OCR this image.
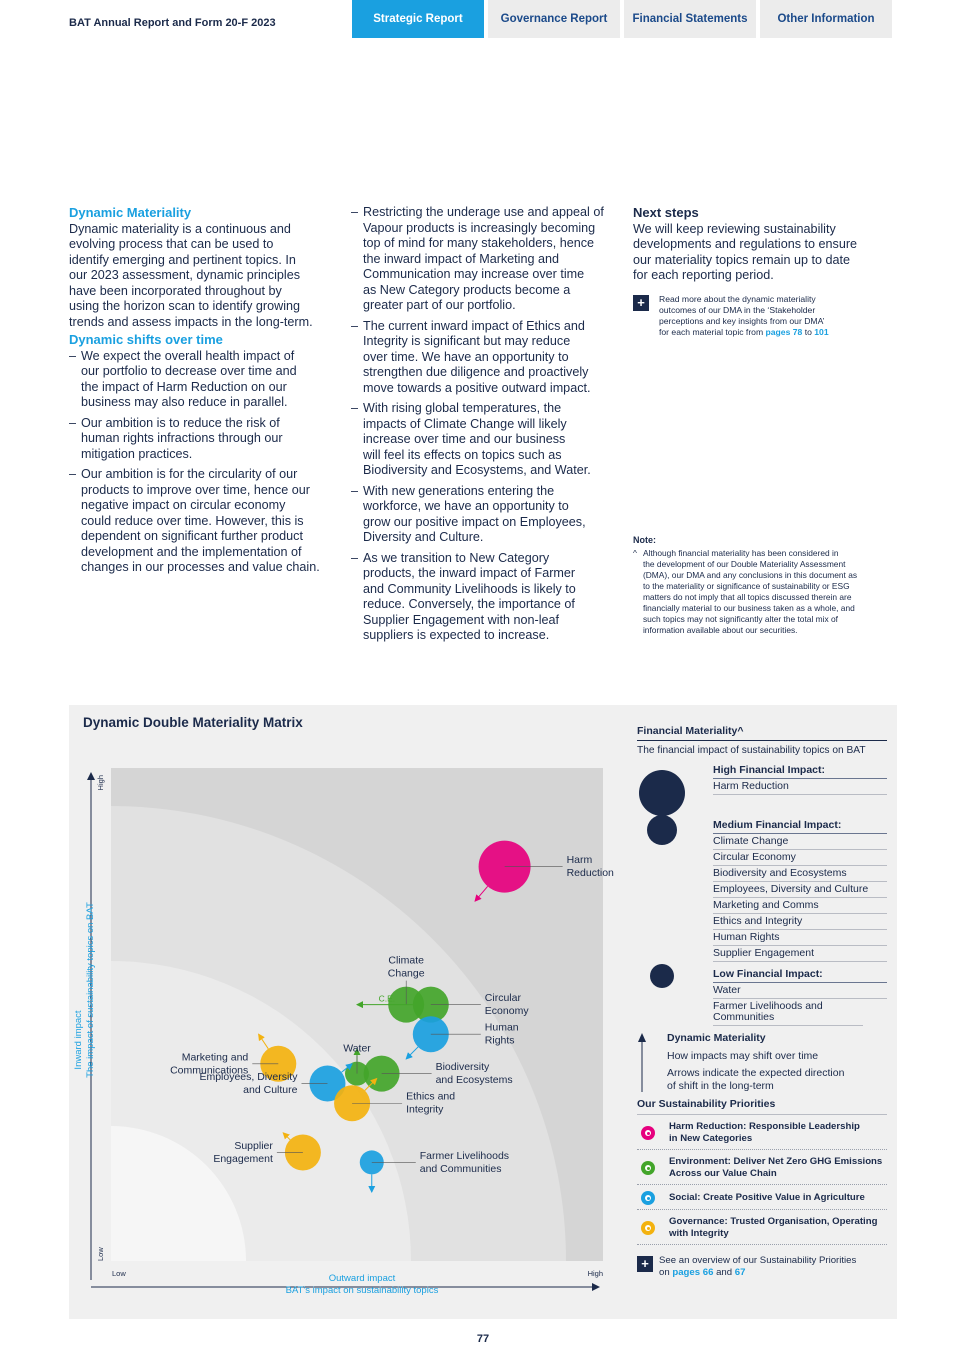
BAT Annual Report and Form 20-F 2023	Strategic Report	Governance Report	Financial Statements	Other Information
Dynamic Materiality

Dynamic materiality is a continuous and
evolving process that can be used to
identify emerging and pertinent topics. In
our 2023 assessment, dynamic principles
have been incorporated throughout by
using the horizon scan to identify growing
trends and assess impacts in the long-term.

Dynamic shifts over time
– We expect the overall health impact of
our portfolio to decrease over time and
the impact of Harm Reduction on our
business may also reduce in parallel.
– Our ambition is to reduce the risk of
human rights infractions through our
mitigation practices.
– Our ambition is for the circularity of our
products to improve over time, hence our
negative impact on circular economy
could reduce over time. However, this is
dependent on significant further product
development and the implementation of
changes in our processes and value chain.
– Restricting the underage use and appeal of
Vapour products is increasingly becoming
top of mind for many stakeholders, hence
the inward impact of Marketing and
Communication may increase over time
as New Category products become a
greater part of our portfolio.
– The current inward impact of Ethics and
Integrity is significant but may reduce
over time. We have an opportunity to
strengthen due diligence and proactively
move towards a positive outward impact.
– With rising global temperatures, the
impacts of Climate Change will likely
increase over time and our business
will feel its effects on topics such as
Biodiversity and Ecosystems, and Water.
– With new generations entering the
workforce, we have an opportunity to
grow our positive impact on Employees,
Diversity and Culture.
– As we transition to New Category
products, the inward impact of Farmer
and Community Livelihoods is likely to
reduce. Conversely, the importance of
Supplier Engagement with non-leaf
suppliers is expected to increase.
Next steps

We will keep reviewing sustainability
developments and regulations to ensure
our materiality topics remain up to date
for each reporting period.

+	Read more about the dynamic materiality
outcomes of our DMA in the ‘Stakeholder
perceptions and key insights from our DMA’
for each material topic from pages 78 to 101
Note:
^ Although financial materiality has been considered in
the development of our Double Materiality Assessment
(DMA), our DMA and any conclusions in this document as
to the materiality or significance of sustainability or ESG
matters do not imply that all topics discussed therein are
financially material to our business taken as a whole, and
such topics may not significantly alter the total mix of
information available about our securities.
Dynamic Double Materiality Matrix
High
Low
Inward impact The impact of sustainability topics on BAT
Low	High
Outward impact
BAT's impact on sustainability topics
Harm Reduction
Climate Change
C.E.	Circular Economy
Human Rights
Water
Biodiversity and Ecosystems
Marketing and Communications
Employees, Diversity and Culture
Ethics and Integrity
Supplier Engagement	Farmer Livelihoods and Communities
Financial Materiality^
The financial impact of sustainability topics on BAT
High Financial Impact:
Harm Reduction
Medium Financial Impact:
Climate Change
Circular Economy
Biodiversity and Ecosystems
Employees, Diversity and Culture
Marketing and Comms
Ethics and Integrity
Human Rights
Supplier Engagement
Low Financial Impact:
Water
Farmer Livelihoods and Communities
Dynamic Materiality
How impacts may shift over time
Arrows indicate the expected direction
of shift in the long-term
Our Sustainability Priorities
Harm Reduction: Responsible Leadership
in New Categories
Environment: Deliver Net Zero GHG Emissions
Across our Value Chain
Social: Create Positive Value in Agriculture
Governance: Trusted Organisation, Operating
with Integrity
+	See an overview of our Sustainability Priorities
on pages 66 and 67
77
